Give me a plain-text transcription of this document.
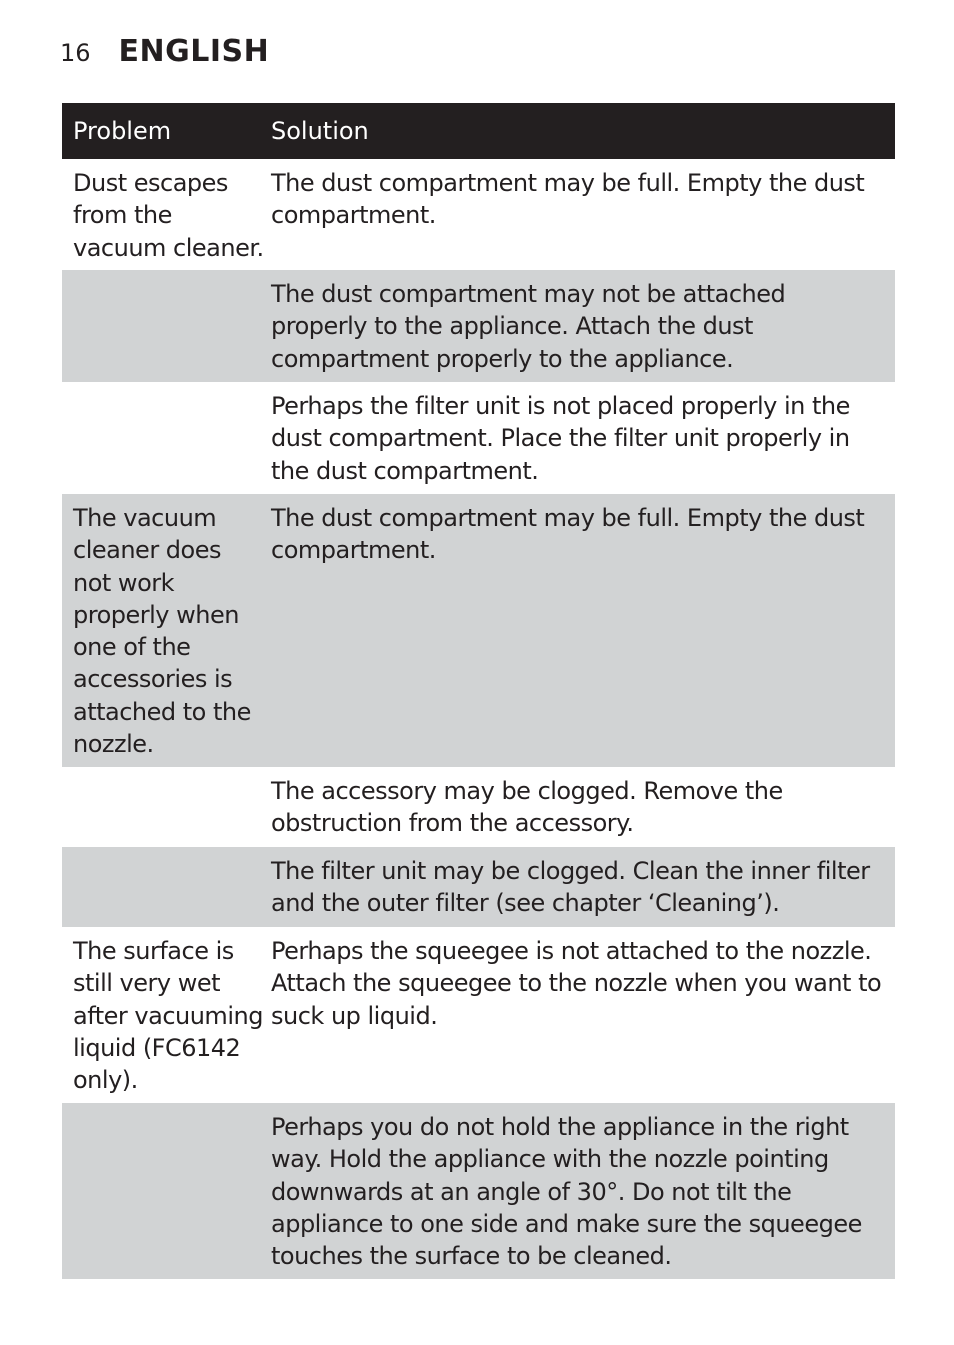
16 ENGLISH
Problem	Solution
Dust escapes from the vacuum cleaner.
The dust compartment may be full. Empty the dust compartment.
The dust compartment may not be attached properly to the appliance. Attach the dust compartment properly to the appliance.
Perhaps the filter unit is not placed properly in the dust compartment. Place the filter unit properly in the dust compartment.
The vacuum cleaner does not work properly when one of the accessories is attached to the nozzle.
The dust compartment may be full. Empty the dust compartment.
The accessory may be clogged. Remove the obstruction from the accessory.
The filter unit may be clogged. Clean the inner filter and the outer filter (see chapter ‘Cleaning’).
The surface is still very wet after vacuuming liquid (FC6142 only).
Perhaps the squeegee is not attached to the nozzle. Attach the squeegee to the nozzle when you want to suck up liquid.
Perhaps you do not hold the appliance in the right way. Hold the appliance with the nozzle pointing downwards at an angle of 30°. Do not tilt the appliance to one side and make sure the squeegee touches the surface to be cleaned.
